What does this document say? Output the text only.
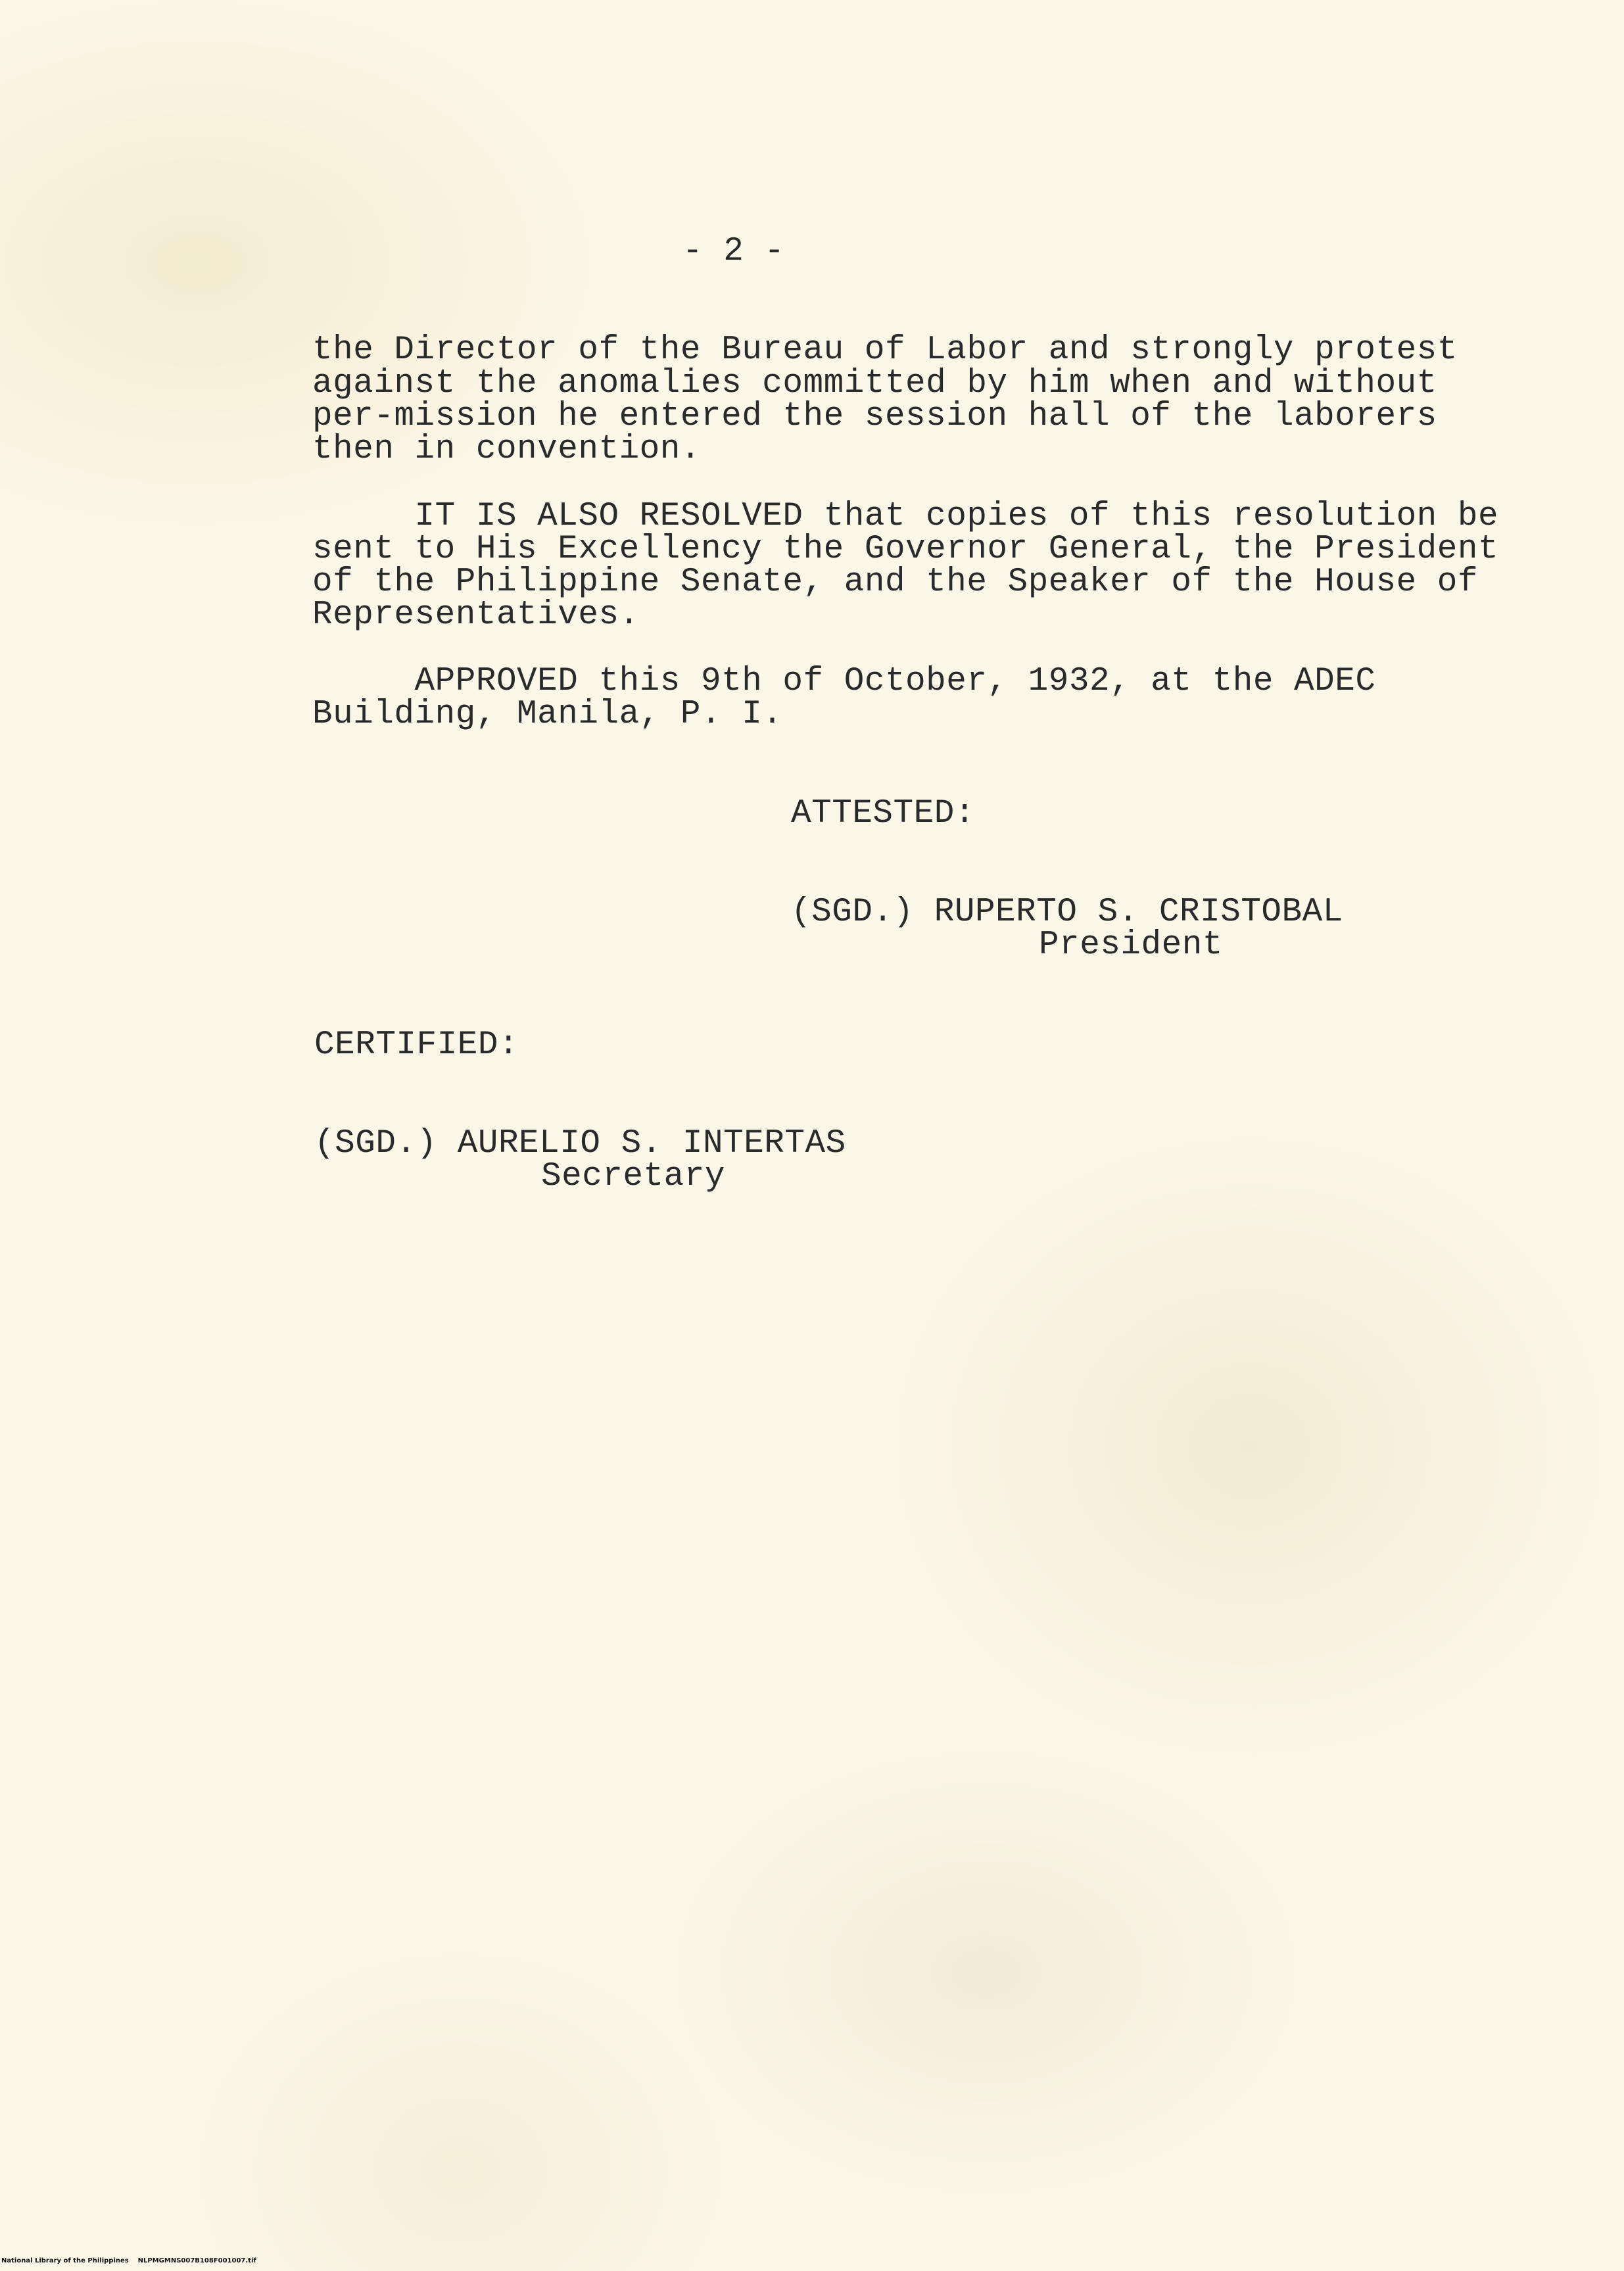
- 2 -
the Director of the Bureau of Labor and strongly protest
against the anomalies committed by him when and without
per-mission he entered the session hall of the laborers
then in convention.
IT IS ALSO RESOLVED that copies of this resolution be
sent to His Excellency the Governor General, the President
of the Philippine Senate, and the Speaker of the House of
Representatives.
APPROVED this 9th of October, 1932, at the ADEC
Building, Manila, P. I.
ATTESTED:
(SGD.) RUPERTO S. CRISTOBAL
President
CERTIFIED:
(SGD.) AURELIO S. INTERTAS
Secretary
National Library of the Philippines    NLPMGMNS007B108F001007.tif
